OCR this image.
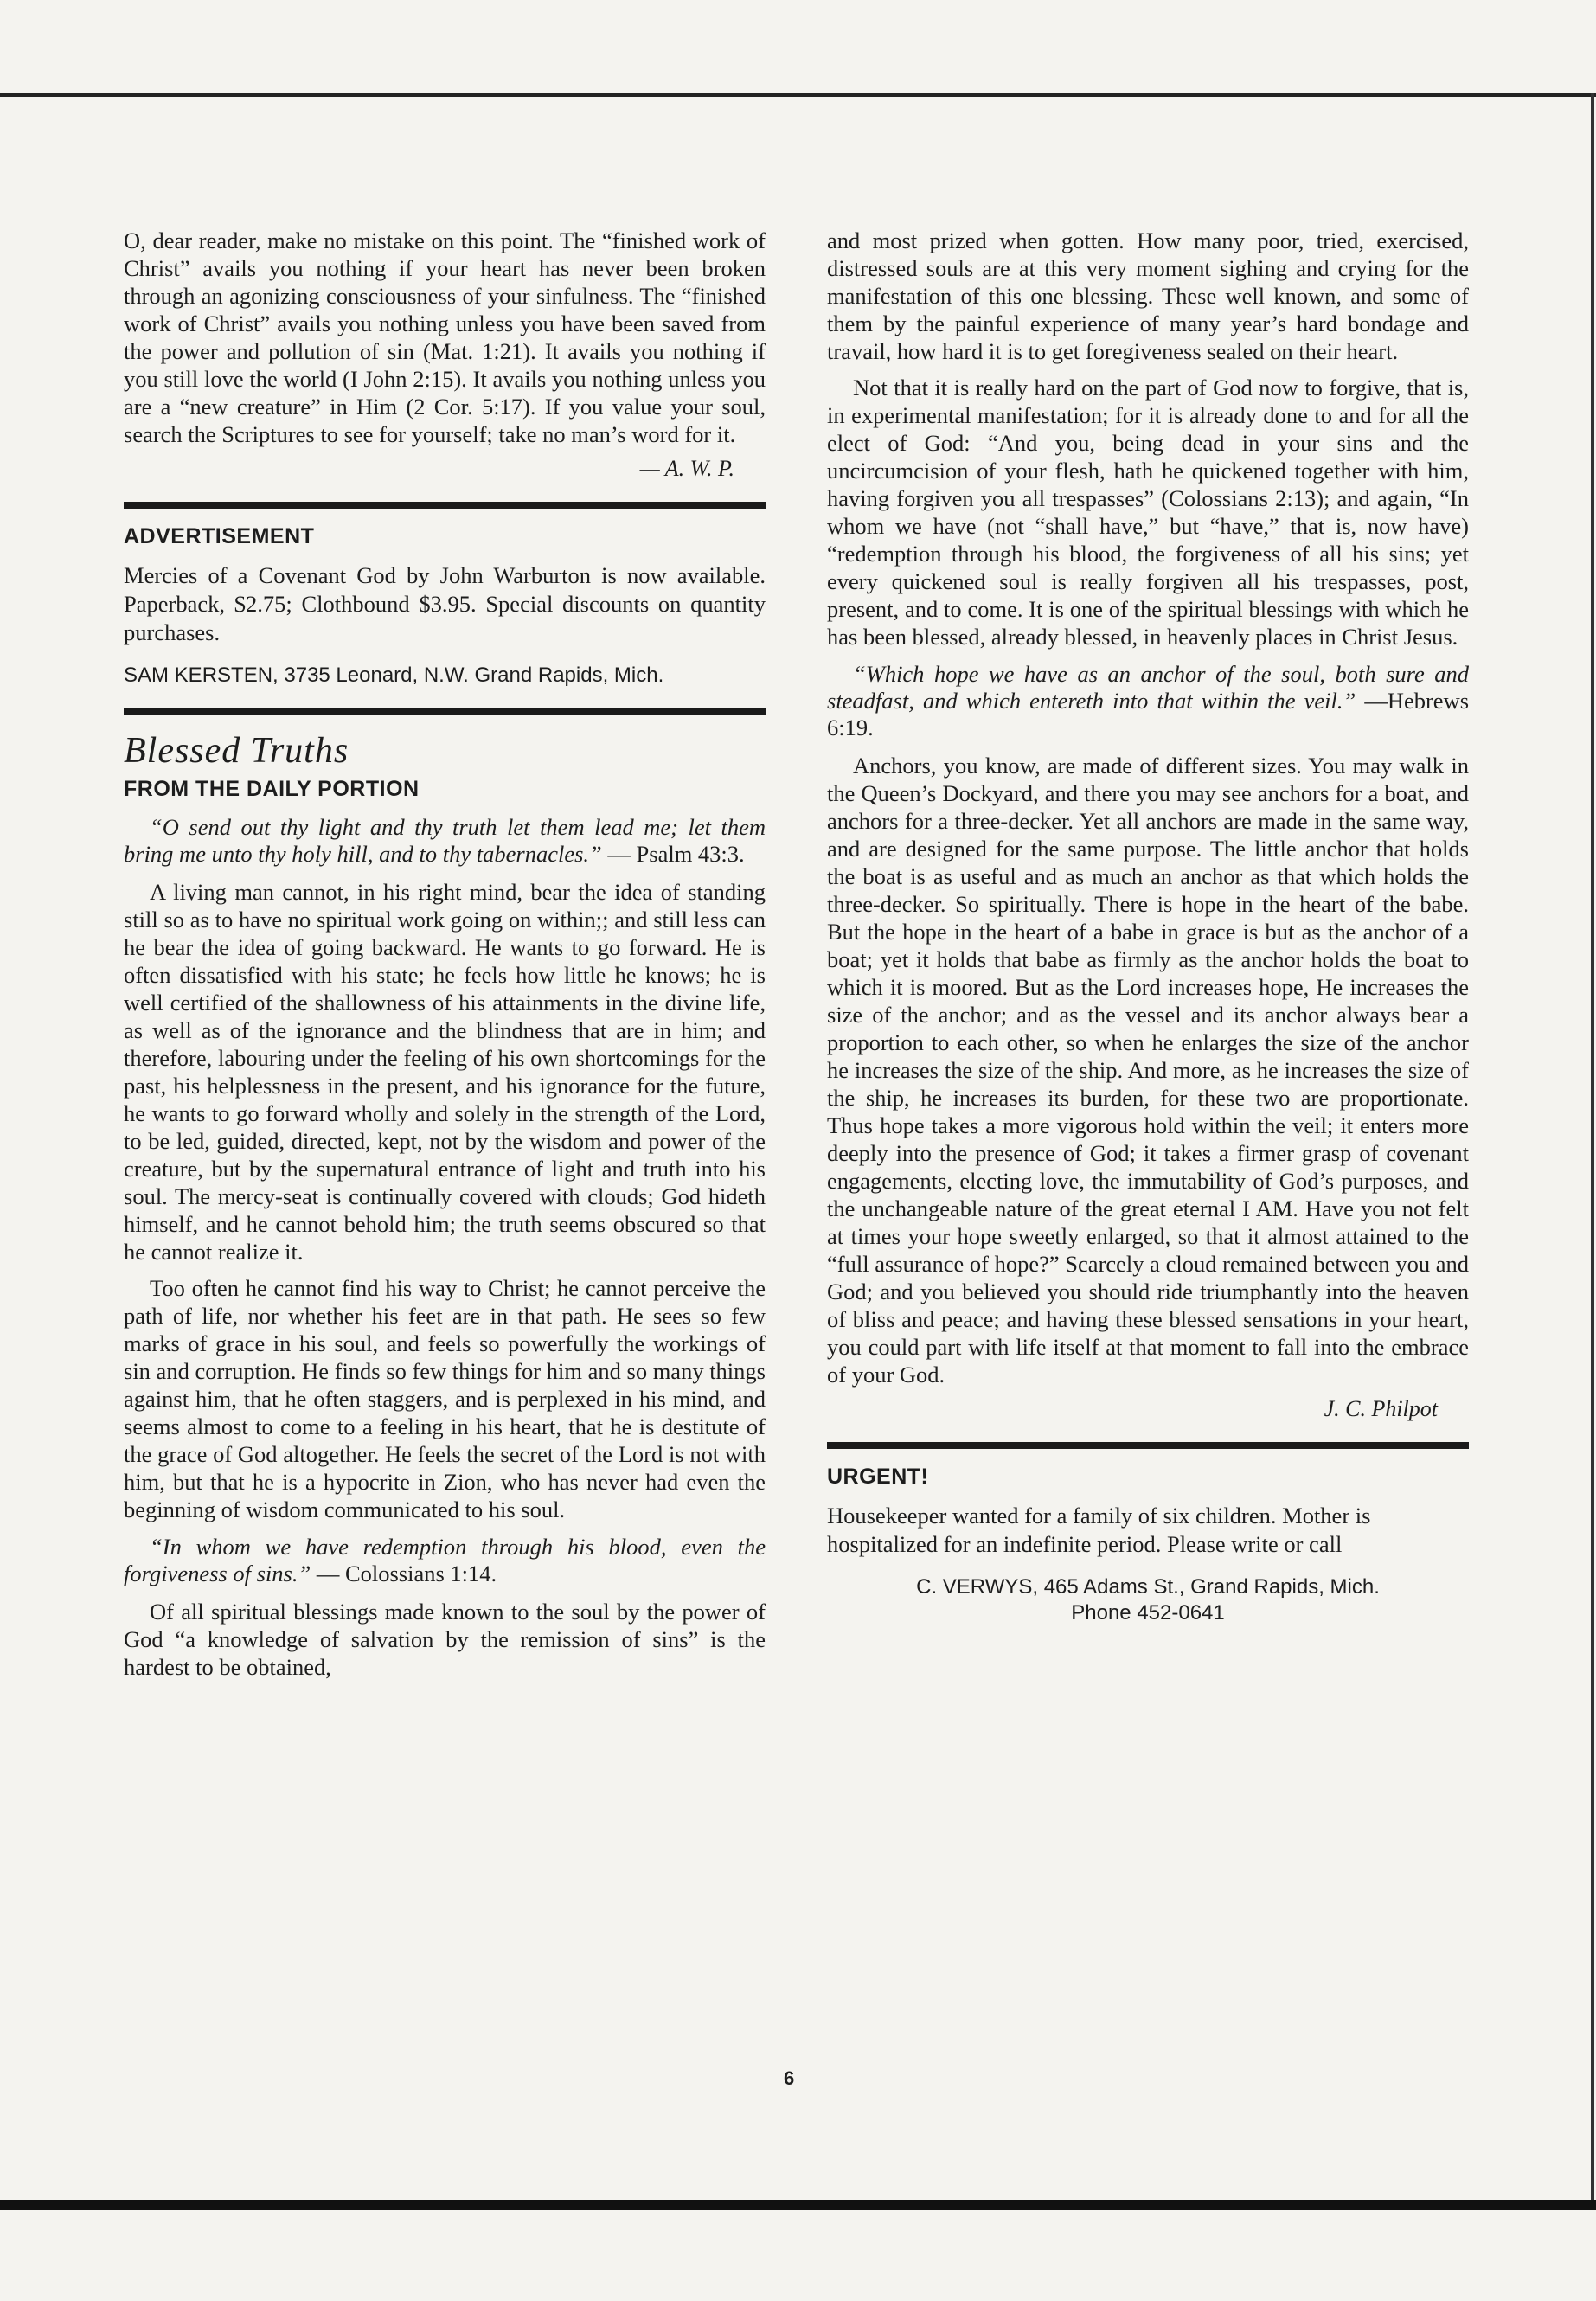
O, dear reader, make no mistake on this point. The “finished work of Christ” avails you nothing if your heart has never been broken through an agonizing consciousness of your sinfulness. The “finished work of Christ” avails you nothing unless you have been saved from the power and pollution of sin (Mat. 1:21). It avails you nothing if you still love the world (I John 2:15). It avails you nothing unless you are a “new creature” in Him (2 Cor. 5:17). If you value your soul, search the Scriptures to see for yourself; take no man’s word for it.

— A. W. P.
ADVERTISEMENT

Mercies of a Covenant God by John Warburton is now available. Paperback, $2.75; Clothbound $3.95. Special discounts on quantity purchases.

SAM KERSTEN, 3735 Leonard, N.W. Grand Rapids, Mich.
Blessed Truths
FROM THE DAILY PORTION
“O send out thy light and thy truth let them lead me; let them bring me unto thy holy hill, and to thy tabernacles.” — Psalm 43:3.

A living man cannot, in his right mind, bear the idea of standing still so as to have no spiritual work going on within;; and still less can he bear the idea of going backward. He wants to go forward. He is often dissatisfied with his state; he feels how little he knows; he is well certified of the shallowness of his attainments in the divine life, as well as of the ignorance and the blindness that are in him; and therefore, labouring under the feeling of his own shortcomings for the past, his helplessness in the present, and his ignorance for the future, he wants to go forward wholly and solely in the strength of the Lord, to be led, guided, directed, kept, not by the wisdom and power of the creature, but by the supernatural entrance of light and truth into his soul. The mercy-seat is continually covered with clouds; God hideth himself, and he cannot behold him; the truth seems obscured so that he cannot realize it.

Too often he cannot find his way to Christ; he cannot perceive the path of life, nor whether his feet are in that path. He sees so few marks of grace in his soul, and feels so powerfully the workings of sin and corruption. He finds so few things for him and so many things against him, that he often staggers, and is perplexed in his mind, and seems almost to come to a feeling in his heart, that he is destitute of the grace of God altogether. He feels the secret of the Lord is not with him, but that he is a hypocrite in Zion, who has never had even the beginning of wisdom communicated to his soul.

“In whom we have redemption through his blood, even the forgiveness of sins.” — Colossians 1:14.

Of all spiritual blessings made known to the soul by the power of God “a knowledge of salvation by the remission of sins” is the hardest to be obtained,

and most prized when gotten. How many poor, tried, exercised, distressed souls are at this very moment sighing and crying for the manifestation of this one blessing. These well known, and some of them by the painful experience of many year’s hard bondage and travail, how hard it is to get foregiveness sealed on their heart.

Not that it is really hard on the part of God now to forgive, that is, in experimental manifestation; for it is already done to and for all the elect of God: “And you, being dead in your sins and the uncircumcision of your flesh, hath he quickened together with him, having forgiven you all trespasses” (Colossians 2:13); and again, “In whom we have (not “shall have,” but “have,” that is, now have) “redemption through his blood, the forgiveness of all his sins; yet every quickened soul is really forgiven all his trespasses, post, present, and to come. It is one of the spiritual blessings with which he has been blessed, already blessed, in heavenly places in Christ Jesus.

“Which hope we have as an anchor of the soul, both sure and steadfast, and which entereth into that within the veil.” —Hebrews 6:19.

Anchors, you know, are made of different sizes. You may walk in the Queen’s Dockyard, and there you may see anchors for a boat, and anchors for a three-decker. Yet all anchors are made in the same way, and are designed for the same purpose. The little anchor that holds the boat is as useful and as much an anchor as that which holds the three-decker. So spiritually. There is hope in the heart of the babe. But the hope in the heart of a babe in grace is but as the anchor of a boat; yet it holds that babe as firmly as the anchor holds the boat to which it is moored. But as the Lord increases hope, He increases the size of the anchor; and as the vessel and its anchor always bear a proportion to each other, so when he enlarges the size of the anchor he increases the size of the ship. And more, as he increases the size of the ship, he increases its burden, for these two are proportionate. Thus hope takes a more vigorous hold within the veil; it enters more deeply into the presence of God; it takes a firmer grasp of covenant engagements, electing love, the immutability of God’s purposes, and the unchangeable nature of the great eternal I AM. Have you not felt at times your hope sweetly enlarged, so that it almost attained to the “full assurance of hope?” Scarcely a cloud remained between you and God; and you believed you should ride triumphantly into the heaven of bliss and peace; and having these blessed sensations in your heart, you could part with life itself at that moment to fall into the embrace of your God.

J. C. Philpot
URGENT!

Housekeeper wanted for a family of six children. Mother is hospitalized for an indefinite period. Please write or call

C. VERWYS, 465 Adams St., Grand Rapids, Mich.
Phone 452-0641
6
